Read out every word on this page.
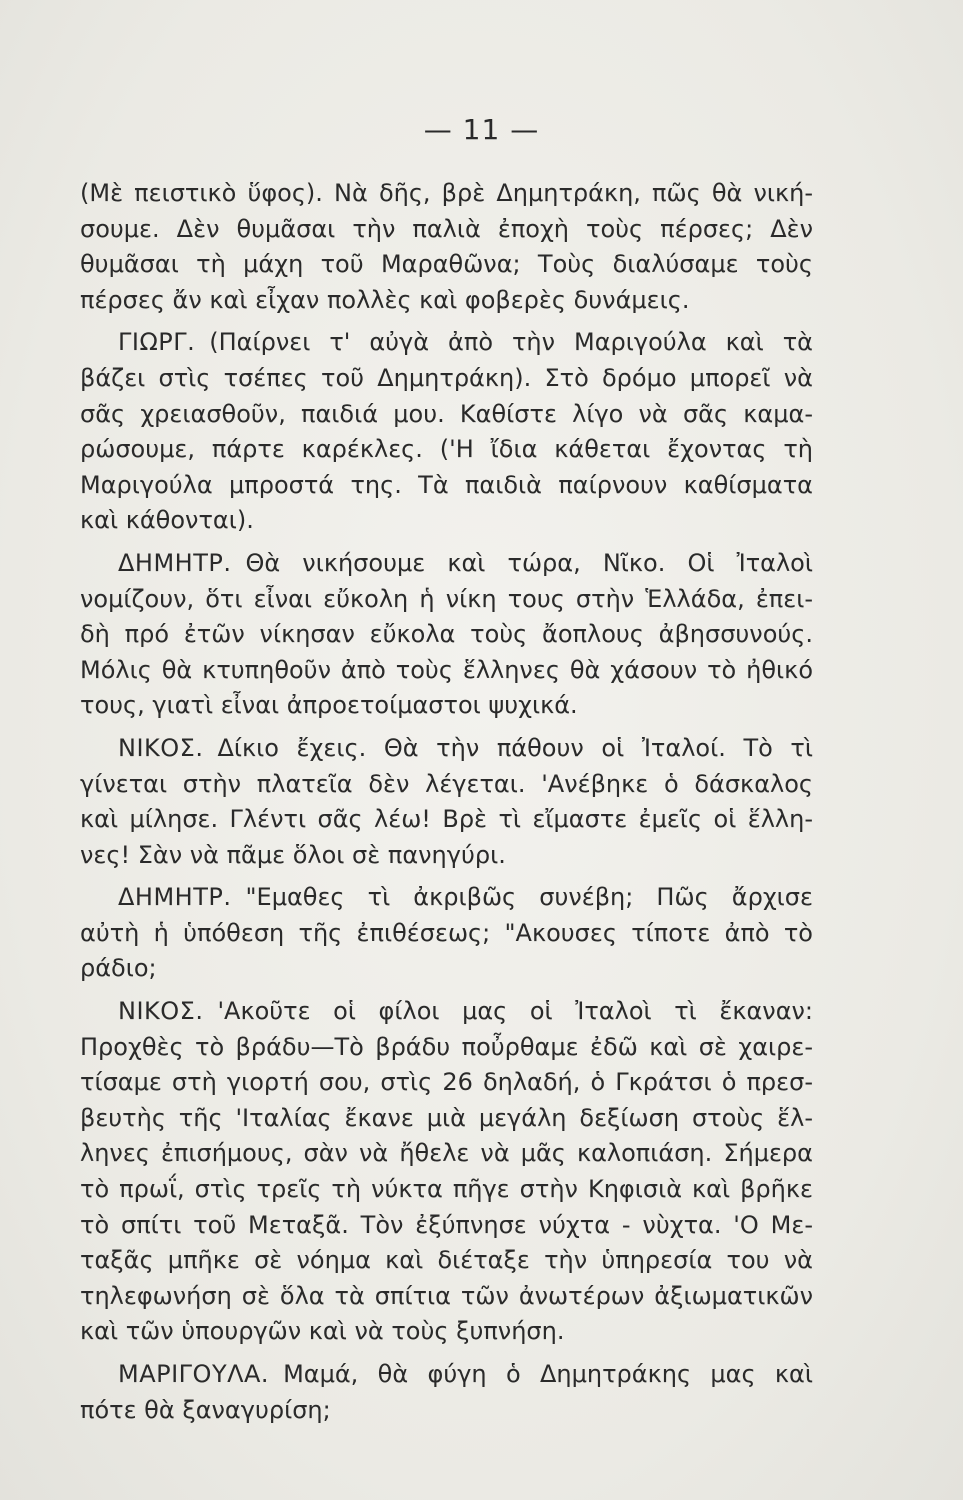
— 11 —
(Μὲ πειστικὸ ὕφος). Νὰ δῆς, βρὲ Δημητράκη, πῶς θὰ νική-
σουμε. Δὲν θυμᾶσαι τὴν παλιὰ ἐποχὴ τοὺς πέρσες; Δὲν
θυμᾶσαι τὴ μάχη τοῦ Μαραθῶνα; Τοὺς διαλύσαμε τοὺς
πέρσες ἄν καὶ εἶχαν πολλὲς καὶ φοβερὲς δυνάμεις.
ΓΙΩΡΓ. (Παίρνει τ' αὐγὰ ἀπὸ τὴν Μαριγούλα καὶ τὰ
βάζει στὶς τσέπες τοῦ Δημητράκη). Στὸ δρόμο μπορεῖ νὰ
σᾶς χρειασθοῦν, παιδιά μου. Καθίστε λίγο νὰ σᾶς καμα-
ρώσουμε, πάρτε καρέκλες. ('Η ἴδια κάθεται ἔχοντας τὴ
Μαριγούλα μπροστά της. Τὰ παιδιὰ παίρνουν καθίσματα
καὶ κάθονται).
ΔΗΜΗΤΡ. Θὰ νικήσουμε καὶ τώρα, Νῖκο. Οἱ Ἰταλοὶ
νομίζουν, ὅτι εἶναι εὔκολη ἡ νίκη τους στὴν Ἑλλάδα, ἐπει-
δὴ πρό ἐτῶν νίκησαν εὔκολα τοὺς ἄοπλους ἀβησσυνούς.
Μόλις θὰ κτυπηθοῦν ἀπὸ τοὺς ἕλληνες θὰ χάσουν τὸ ἠθικό
τους, γιατὶ εἶναι ἀπροετοίμαστοι ψυχικά.
ΝΙΚΟΣ. Δίκιο ἔχεις. Θὰ τὴν πάθουν οἱ Ἰταλοί. Τὸ τὶ
γίνεται στὴν πλατεῖα δὲν λέγεται. 'Ανέβηκε ὁ δάσκαλος
καὶ μίλησε. Γλέντι σᾶς λέω! Βρὲ τὶ εἴμαστε ἐμεῖς οἱ ἕλλη-
νες! Σὰν νὰ πᾶμε ὅλοι σὲ πανηγύρι.
ΔΗΜΗΤΡ. "Εμαθες τὶ ἀκριβῶς συνέβη; Πῶς ἄρχισε
αὐτὴ ἡ ὑπόθεση τῆς ἐπιθέσεως; "Ακουσες τίποτε ἀπὸ τὸ
ράδιο;
ΝΙΚΟΣ. 'Ακοῦτε οἱ φίλοι μας οἱ Ἰταλοὶ τὶ ἔκαναν:
Προχθὲς τὸ βράδυ—Τὸ βράδυ ποὖρθαμε ἐδῶ καὶ σὲ χαιρε-
τίσαμε στὴ γιορτή σου, στὶς 26 δηλαδή, ὁ Γκράτσι ὁ πρεσ-
βευτὴς τῆς 'Ιταλίας ἔκανε μιὰ μεγάλη δεξίωση στοὺς ἕλ-
ληνες ἐπισήμους, σὰν νὰ ἤθελε νὰ μᾶς καλοπιάση. Σήμερα
τὸ πρωΐ, στὶς τρεῖς τὴ νύκτα πῆγε στὴν Κηφισιὰ καὶ βρῆκε
τὸ σπίτι τοῦ Μεταξᾶ. Τὸν ἐξύπνησε νύχτα - νὺχτα. 'Ο Με-
ταξᾶς μπῆκε σὲ νόημα καὶ διέταξε τὴν ὑπηρεσία του νὰ
τηλεφωνήση σὲ ὅλα τὰ σπίτια τῶν ἀνωτέρων ἀξιωματικῶν
καὶ τῶν ὑπουργῶν καὶ νὰ τοὺς ξυπνήση.
ΜΑΡΙΓΟΥΛΑ. Μαμά, θὰ φύγη ὁ Δημητράκης μας καὶ
πότε θὰ ξαναγυρίση;
